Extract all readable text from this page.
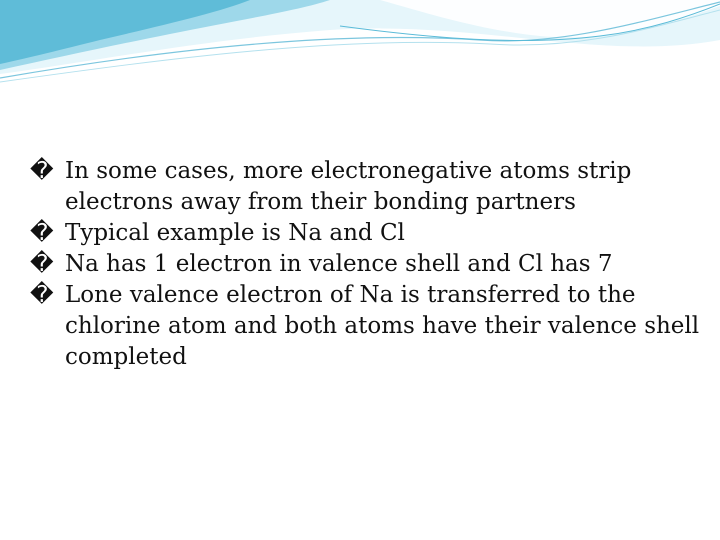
� In some cases, more electronegative atoms strip electrons away from their bonding partners

� Typical example is Na and Cl

� Na has 1 electron in valence shell and Cl has 7

� Lone valence electron of Na is transferred to the chlorine atom and both atoms have their valence shell completed
